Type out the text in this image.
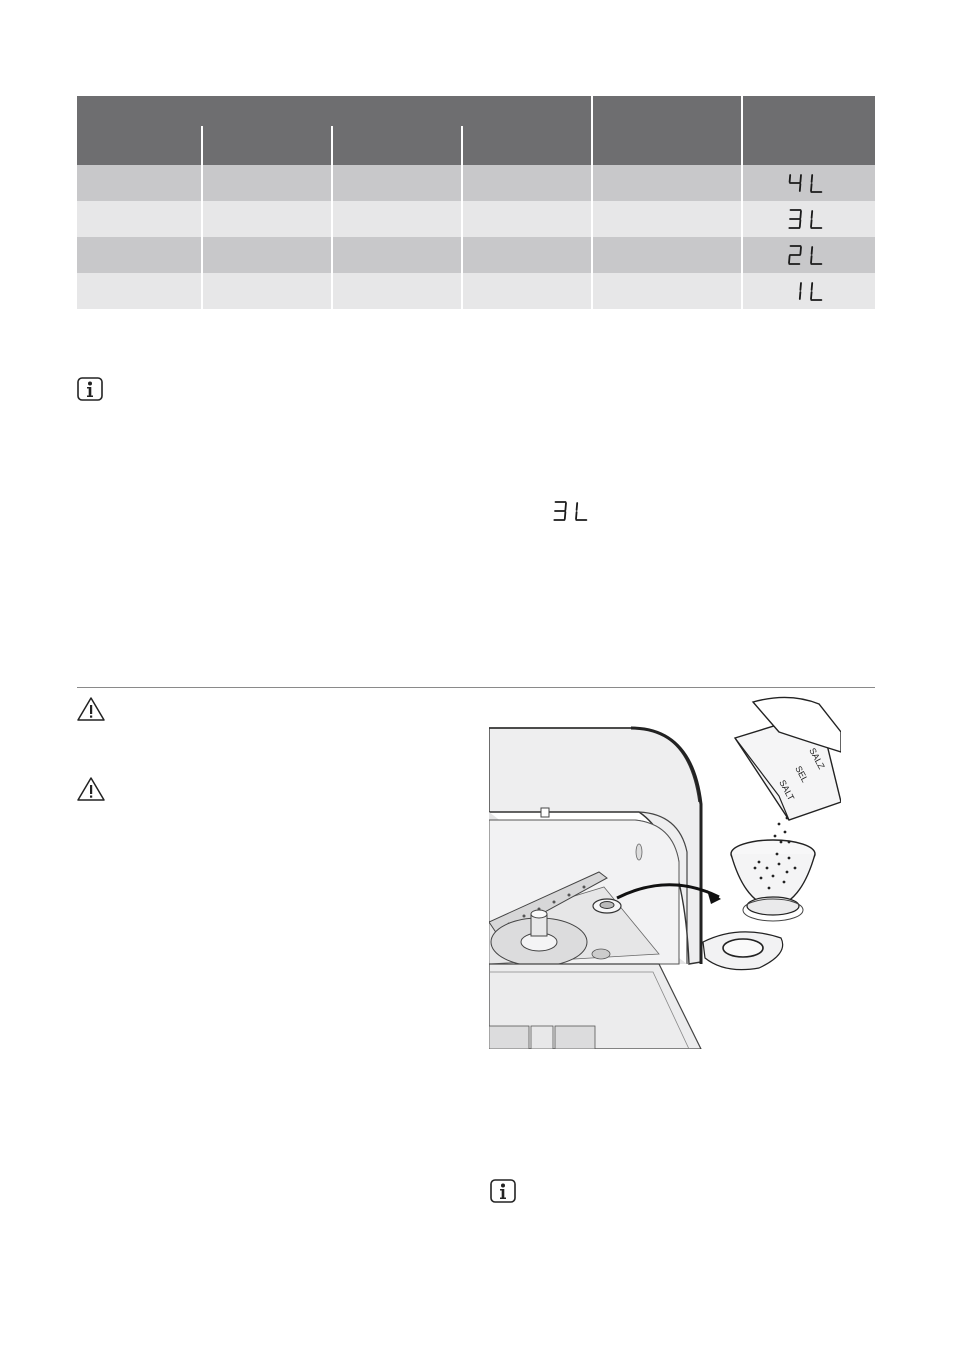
4L
3L
2L
1L
3L
SALZ
SEL
SALT
